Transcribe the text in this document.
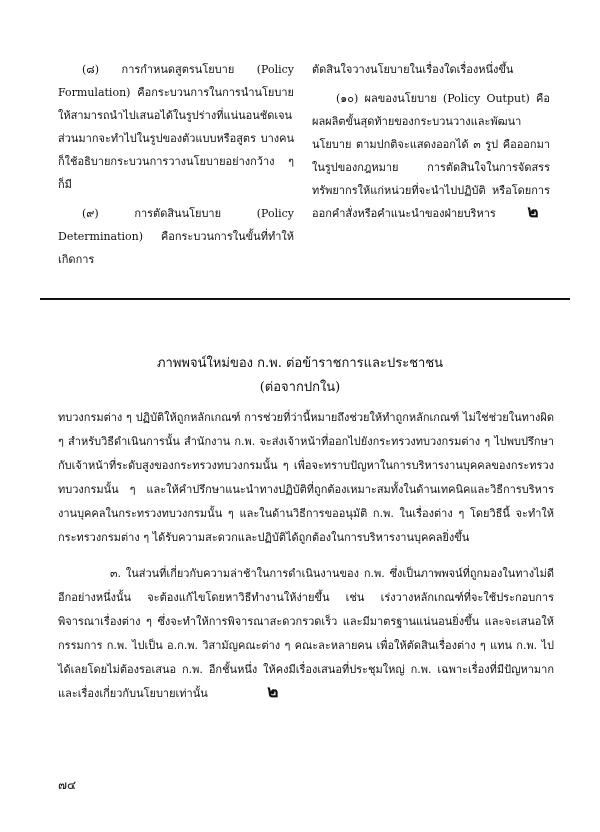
(๘) การกำหนดสูตรนโยบาย (Policy Formulation) คือกระบวนการในการนำนโยบายให้สามารถนำไปเสนอได้ในรูปร่างที่แน่นอนชัดเจน ส่วนมากจะทำไปในรูปของตัวแบบหรือสูตร บางคนก็ใช้อธิบายกระบวนการวางนโยบายอย่างกว้าง ๆ ก็มี

(๙)	การตัดสินนโยบาย (Policy Determination) คือกระบวนการในขั้นที่ทำให้เกิดการ

ตัดสินใจวางนโยบายในเรื่องใดเรื่องหนึ่งขึ้น

(๑๐) ผลของนโยบาย (Policy Output) คือผลผลิตขั้นสุดท้ายของกระบวนวางและพัฒนานโยบาย ตามปกติจะแสดงออกได้ ๓ รูป คือออกมาในรูปของกฎหมาย การตัดสินใจในการจัดสรรทรัพยากรให้แก่หน่วยที่จะนำไปปฏิบัติ หรือโดยการออกคำสั่งหรือคำแนะนำของฝ่ายบริหาร ๒

ภาพพจน์ใหม่ของ ก.พ. ต่อข้าราชการและประชาชน
(ต่อจากปกใน)

ทบวงกรมต่าง ๆ ปฏิบัติให้ถูกหลักเกณฑ์ การช่วยที่ว่านี้หมายถึงช่วยให้ทำถูกหลักเกณฑ์ ไม่ใช่ช่วยในทางผิด ๆ สำหรับวิธีดำเนินการนั้น สำนักงาน ก.พ. จะส่งเจ้าหน้าที่ออกไปยังกระทรวงทบวงกรมต่าง ๆ ไปพบปรึกษากับเจ้าหน้าที่ระดับสูงของกระทรวงทบวงกรมนั้น ๆ เพื่อจะทราบปัญหาในการบริหารงานบุคคลของกระทรวงทบวงกรมนั้น ๆ และให้คำปรึกษาแนะนำทางปฏิบัติที่ถูกต้องเหมาะสมทั้งในด้านเทคนิคและวิธีการบริหารงานบุคคลในกระทรวงทบวงกรมนั้น ๆ และในด้านวิธีการขออนุมัติ ก.พ. ในเรื่องต่าง ๆ โดยวิธีนี้ จะทำให้กระทรวงกรมต่าง ๆ ได้รับความสะดวกและปฏิบัติได้ถูกต้องในการบริหารงานบุคคลยิ่งขึ้น

๓. ในส่วนที่เกี่ยวกับความล่าช้าในการดำเนินงานของ ก.พ. ซึ่งเป็นภาพพจน์ที่ถูกมองในทางไม่ดีอีกอย่างหนึ่งนั้น จะต้องแก้ไขโดยหาวิธีทำงานให้ง่ายขึ้น เช่น เร่งวางหลักเกณฑ์ที่จะใช้ประกอบการพิจารณาเรื่องต่าง ๆ ซึ่งจะทำให้การพิจารณาสะดวกรวดเร็ว และมีมาตรฐานแน่นอนยิ่งขึ้น และจะเสนอให้ กรรมการ ก.พ. ไปเป็น อ.ก.พ. วิสามัญคณะต่าง ๆ คณะละหลายคน เพื่อให้ตัดสินเรื่องต่าง ๆ แทน ก.พ. ไปได้เลยโดยไม่ต้องรอเสนอ ก.พ. อีกชั้นหนึ่ง ให้คงมีเรื่องเสนอที่ประชุมใหญ่ ก.พ. เฉพาะเรื่องที่มีปัญหามาก และเรื่องเกี่ยวกับนโยบายเท่านั้น	๒

๗๔
